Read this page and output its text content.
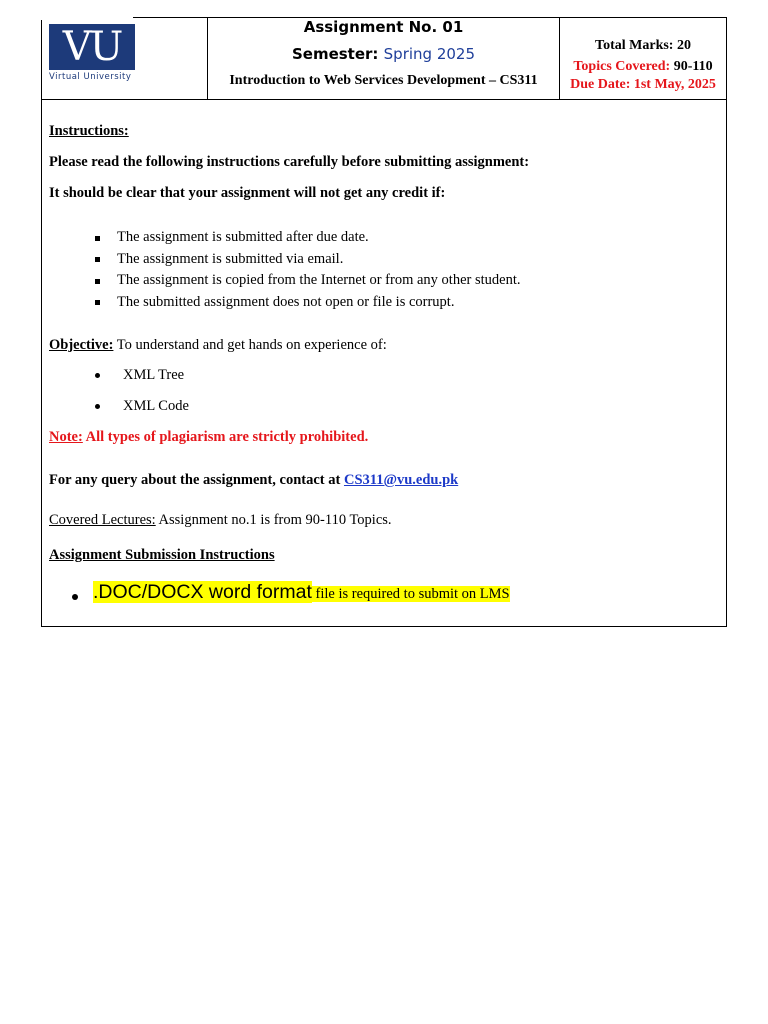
VU
Virtual University
Assignment No. 01
Semester: Spring 2025
Introduction to Web Services Development – CS311
Total Marks: 20
Topics Covered: 90-110
Due Date: 1st May, 2025
Instructions:
Please read the following instructions carefully before submitting assignment:
It should be clear that your assignment will not get any credit if:
The assignment is submitted after due date.
The assignment is submitted via email.
The assignment is copied from the Internet or from any other student.
The submitted assignment does not open or file is corrupt.
Objective: To understand and get hands on experience of:
XML Tree
XML Code
Note: All types of plagiarism are strictly prohibited.
For any query about the assignment, contact at CS311@vu.edu.pk
Covered Lectures: Assignment no.1 is from 90-110 Topics.
Assignment Submission Instructions
.DOC/DOCX word format file is required to submit on LMS
